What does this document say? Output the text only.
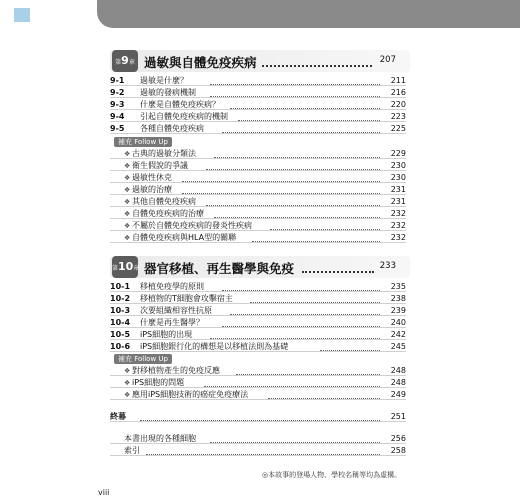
第9章 過敏與自體免疫疾病	207
9-1	過敏是什麼？	211
9-2	過敏的發病機制	216
9-3	什麼是自體免疫疾病？	220
9-4	引起自體免疫疾病的機制	223
9-5	各種自體免疫疾病	225
補充 Follow Up
❖ 古典的過敏分類法	229
❖ 衛生假說的爭議	230
❖ 過敏性休克	230
❖ 過敏的治療	231
❖ 其他自體免疫疾病	231
❖ 自體免疫疾病的治療	232
❖ 不屬於自體免疫疾病的發炎性疾病	232
❖ 自體免疫疾病與HLA型的關聯	232
第10章 器官移植、再生醫學與免疫	233
10-1	移植免疫學的原則	235
10-2	移植物的T細胞會攻擊宿主	238
10-3	次要組織相容性抗原	239
10-4	什麼是再生醫學？	240
10-5	iPS細胞的出現	242
10-6	iPS細胞銀行化的構想是以移植法則為基礎	245
補充 Follow Up
❖ 對移植物產生的免疫反應	248
❖ iPS細胞的問題	248
❖ 應用iPS細胞技術的癌症免疫療法	249
終幕	251
本書出現的各種細胞	256
索引	258
◎本故事的登場人物、學校名稱等均為虛構。
viii
